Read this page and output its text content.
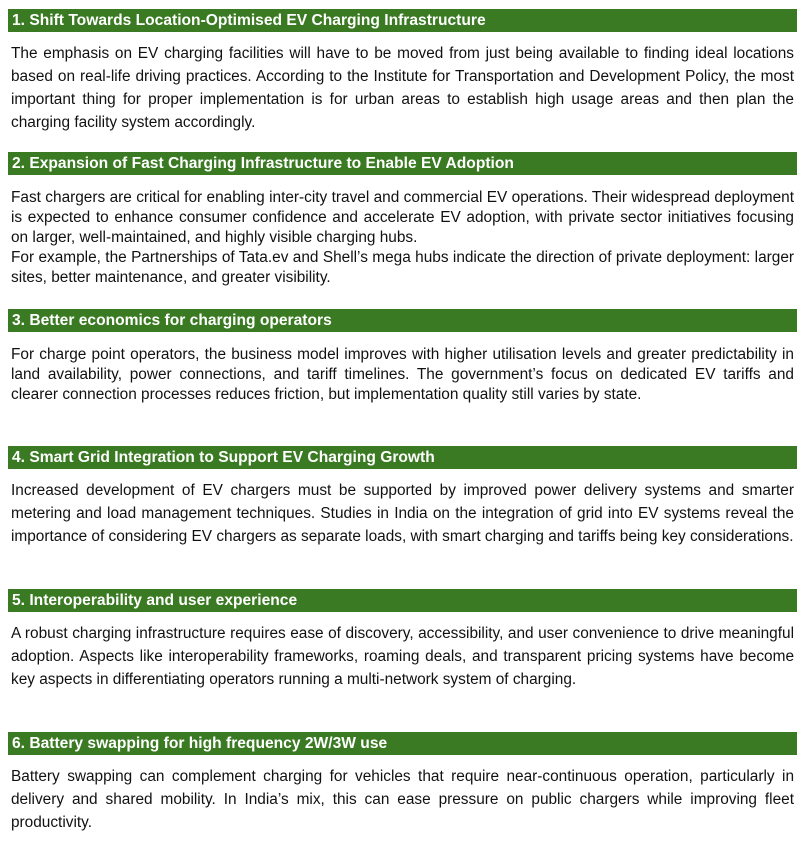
1. Shift Towards Location-Optimised EV Charging Infrastructure

The emphasis on EV charging facilities will have to be moved from just being available to finding ideal locations based on real-life driving practices. According to the Institute for Transportation and Development Policy, the most important thing for proper implementation is for urban areas to establish high usage areas and then plan the charging facility system accordingly.

2. Expansion of Fast Charging Infrastructure to Enable EV Adoption

Fast chargers are critical for enabling inter-city travel and commercial EV operations. Their widespread deployment is expected to enhance consumer confidence and accelerate EV adoption, with private sector initiatives focusing on larger, well-maintained, and highly visible charging hubs.

For example, the Partnerships of Tata.ev and Shell’s mega hubs indicate the direction of private deployment: larger sites, better maintenance, and greater visibility.

3. Better economics for charging operators

For charge point operators, the business model improves with higher utilisation levels and greater predictability in land availability, power connections, and tariff timelines. The government’s focus on dedicated EV tariffs and clearer connection processes reduces friction, but implementation quality still varies by state.

4. Smart Grid Integration to Support EV Charging Growth

Increased development of EV chargers must be supported by improved power delivery systems and smarter metering and load management techniques. Studies in India on the integration of grid into EV systems reveal the importance of considering EV chargers as separate loads, with smart charging and tariffs being key considerations.

5. Interoperability and user experience

A robust charging infrastructure requires ease of discovery, accessibility, and user convenience to drive meaningful adoption. Aspects like interoperability frameworks, roaming deals, and transparent pricing systems have become key aspects in differentiating operators running a multi-network system of charging.

6. Battery swapping for high frequency 2W/3W use

Battery swapping can complement charging for vehicles that require near-continuous operation, particularly in delivery and shared mobility. In India’s mix, this can ease pressure on public chargers while improving fleet productivity.
